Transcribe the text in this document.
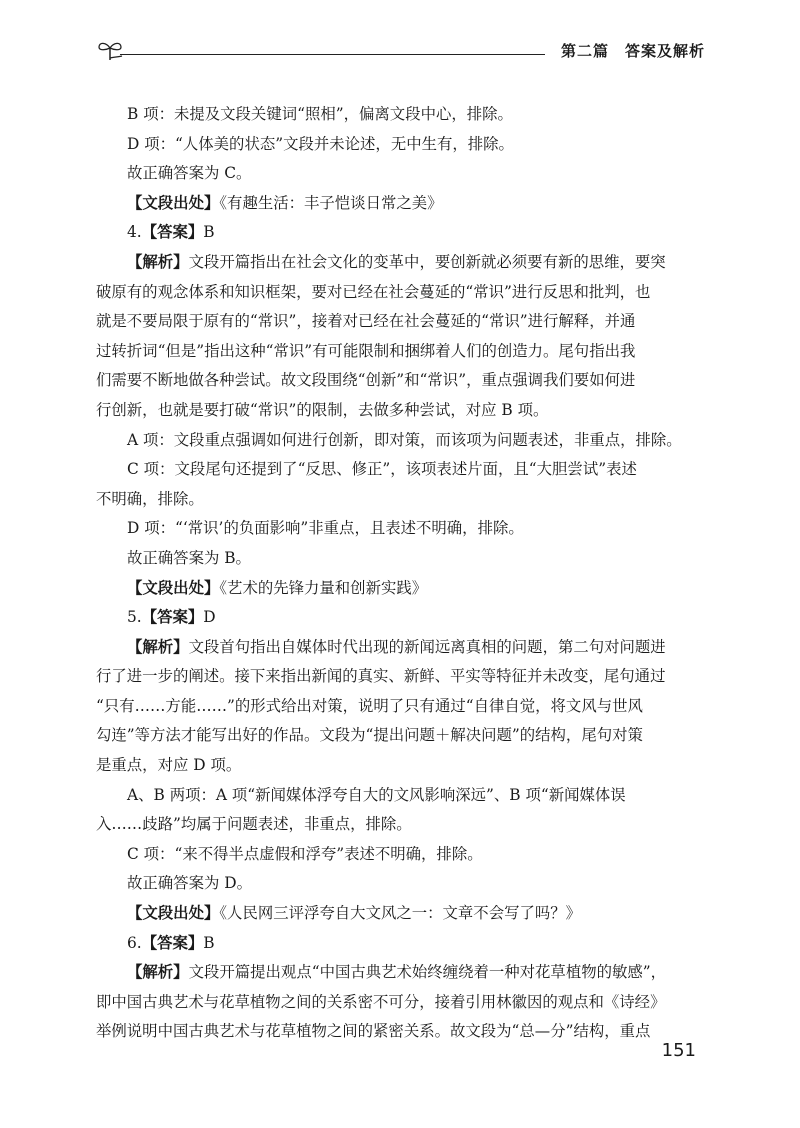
第二篇　答案及解析

B 项：未提及文段关键词“照相”，偏离文段中心，排除。

D 项：“人体美的状态”文段并未论述，无中生有，排除。

故正确答案为 C。

【文段出处】《有趣生活：丰子恺谈日常之美》

4.【答案】B

【解析】文段开篇指出在社会文化的变革中，要创新就必须要有新的思维，要突

破原有的观念体系和知识框架，要对已经在社会蔓延的“常识”进行反思和批判，也

就是不要局限于原有的“常识”，接着对已经在社会蔓延的“常识”进行解释，并通

过转折词“但是”指出这种“常识”有可能限制和捆绑着人们的创造力。尾句指出我

们需要不断地做各种尝试。故文段围绕“创新”和“常识”，重点强调我们要如何进

行创新，也就是要打破“常识”的限制，去做多种尝试，对应 B 项。

A 项：文段重点强调如何进行创新，即对策，而该项为问题表述，非重点，排除。

C 项：文段尾句还提到了“反思、修正”，该项表述片面，且“大胆尝试”表述

不明确，排除。

D 项：“‘常识’的负面影响”非重点，且表述不明确，排除。

故正确答案为 B。

【文段出处】《艺术的先锋力量和创新实践》

5.【答案】D

【解析】文段首句指出自媒体时代出现的新闻远离真相的问题，第二句对问题进

行了进一步的阐述。接下来指出新闻的真实、新鲜、平实等特征并未改变，尾句通过

“只有……方能……”的形式给出对策，说明了只有通过“自律自觉，将文风与世风

勾连”等方法才能写出好的作品。文段为“提出问题＋解决问题”的结构，尾句对策

是重点，对应 D 项。

A、B 两项：A 项“新闻媒体浮夸自大的文风影响深远”、B 项“新闻媒体误

入……歧路”均属于问题表述，非重点，排除。

C 项：“来不得半点虚假和浮夸”表述不明确，排除。

故正确答案为 D。

【文段出处】《人民网三评浮夸自大文风之一：文章不会写了吗？》

6.【答案】B

【解析】文段开篇提出观点“中国古典艺术始终缠绕着一种对花草植物的敏感”，

即中国古典艺术与花草植物之间的关系密不可分，接着引用林徽因的观点和《诗经》

举例说明中国古典艺术与花草植物之间的紧密关系。故文段为“总—分”结构，重点

151
